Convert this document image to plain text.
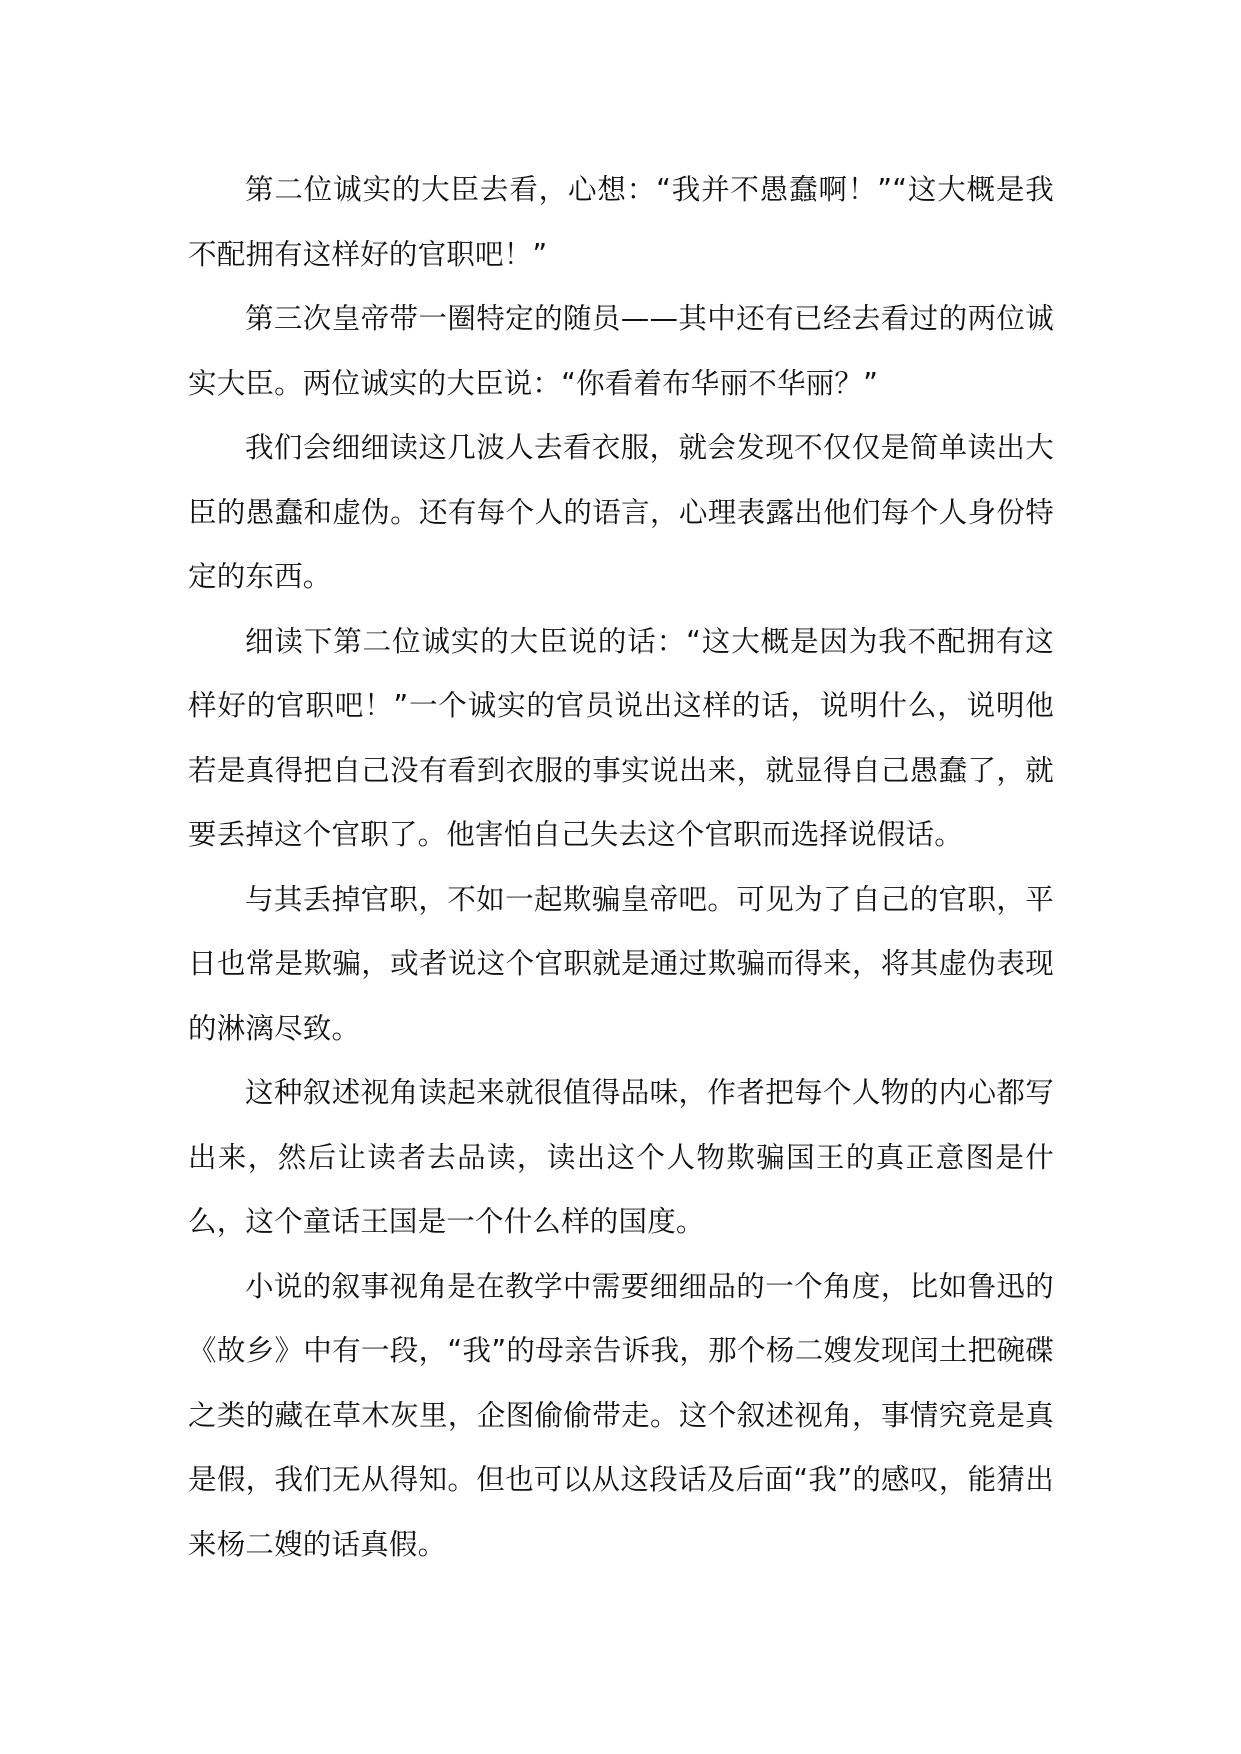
第二位诚实的大臣去看，心想：“我并不愚蠢啊！”“这大概是我不配拥有这样好的官职吧！”

第三次皇帝带一圈特定的随员——其中还有已经去看过的两位诚实大臣。两位诚实的大臣说：“你看着布华丽不华丽？”

我们会细细读这几波人去看衣服，就会发现不仅仅是简单读出大臣的愚蠢和虚伪。还有每个人的语言，心理表露出他们每个人身份特定的东西。

细读下第二位诚实的大臣说的话：“这大概是因为我不配拥有这样好的官职吧！”一个诚实的官员说出这样的话，说明什么，说明他若是真得把自己没有看到衣服的事实说出来，就显得自己愚蠢了，就要丢掉这个官职了。他害怕自己失去这个官职而选择说假话。

与其丢掉官职，不如一起欺骗皇帝吧。可见为了自己的官职，平日也常是欺骗，或者说这个官职就是通过欺骗而得来，将其虚伪表现的淋漓尽致。

这种叙述视角读起来就很值得品味，作者把每个人物的内心都写出来，然后让读者去品读，读出这个人物欺骗国王的真正意图是什么，这个童话王国是一个什么样的国度。

小说的叙事视角是在教学中需要细细品的一个角度，比如鲁迅的《故乡》中有一段，“我”的母亲告诉我，那个杨二嫂发现闰土把碗碟之类的藏在草木灰里，企图偷偷带走。这个叙述视角，事情究竟是真是假，我们无从得知。但也可以从这段话及后面“我”的感叹，能猜出来杨二嫂的话真假。
